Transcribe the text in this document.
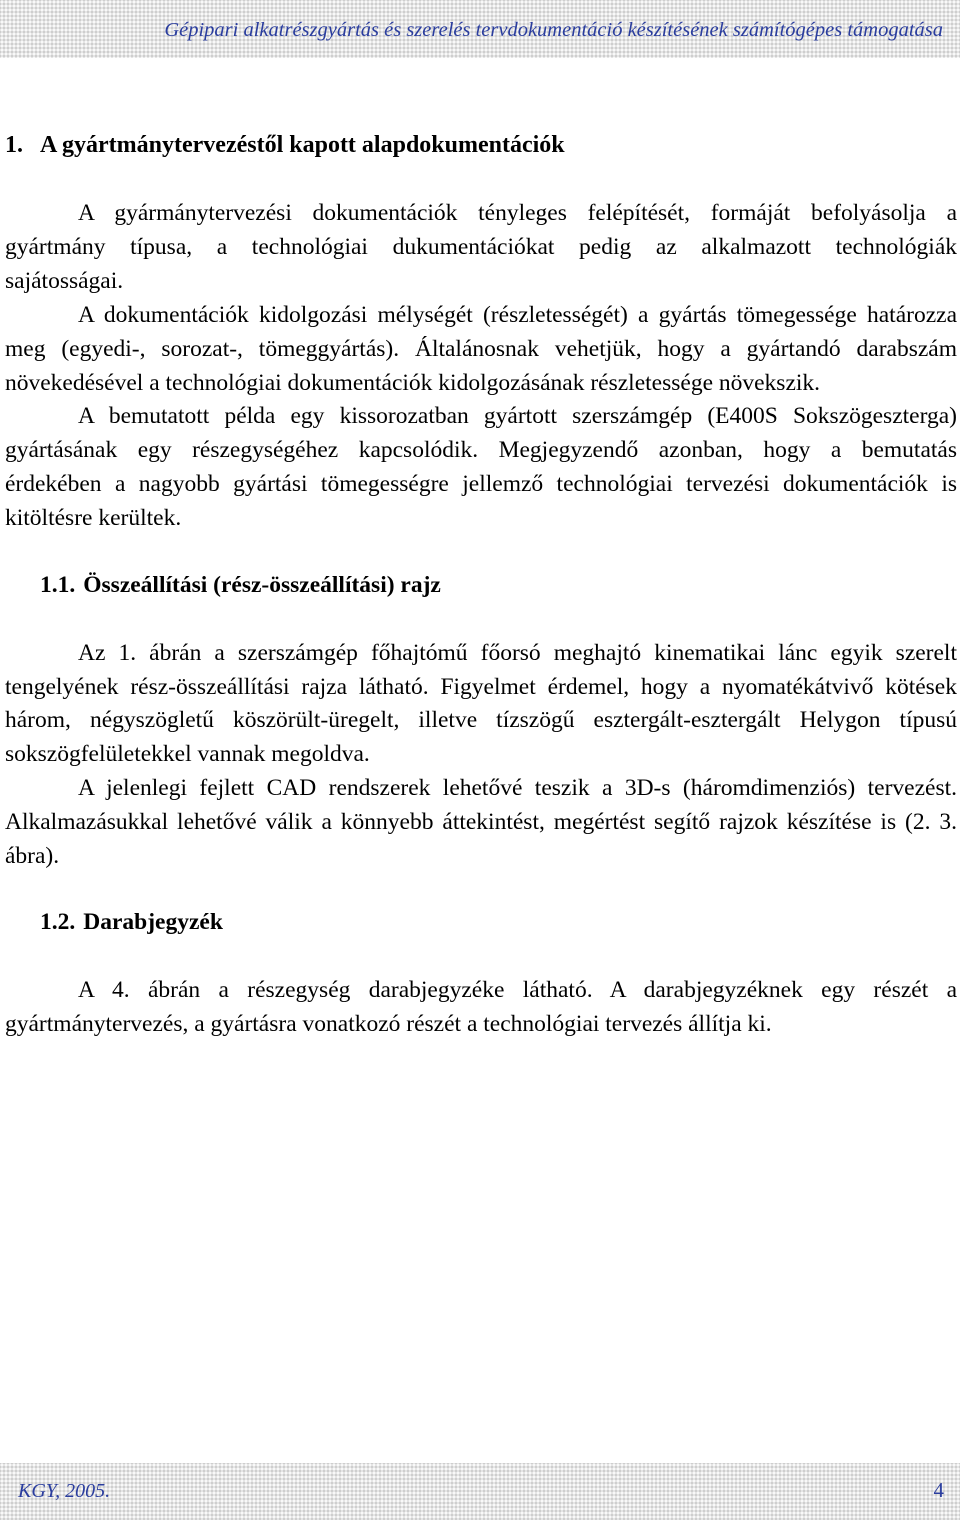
Gépipari alkatrészgyártás és szerelés tervdokumentáció készítésének számítógépes támogatása
1. A gyártmánytervezéstől kapott alapdokumentációk
A gyármánytervezési dokumentációk tényleges felépítését, formáját befolyásolja a
gyártmány típusa, a technológiai dukumentációkat pedig az alkalmazott technológiák
sajátosságai.
A dokumentációk kidolgozási mélységét (részletességét) a gyártás tömegessége határozza
meg (egyedi-, sorozat-, tömeggyártás). Általánosnak vehetjük, hogy a gyártandó darabszám
növekedésével a technológiai dokumentációk kidolgozásának részletessége növekszik.
A bemutatott példa egy kissorozatban gyártott szerszámgép (E400S Sokszögeszterga)
gyártásának egy részegységéhez kapcsolódik. Megjegyzendő azonban, hogy a bemutatás
érdekében a nagyobb gyártási tömegességre jellemző technológiai tervezési dokumentációk is
kitöltésre kerültek.
1.1. Összeállítási (rész-összeállítási) rajz
Az 1. ábrán a szerszámgép főhajtómű főorsó meghajtó kinematikai lánc egyik szerelt
tengelyének rész-összeállítási rajza látható. Figyelmet érdemel, hogy a nyomatékátvivő kötések
három, négyszögletű köszörült-üregelt, illetve tízszögű esztergált-esztergált Helygon típusú
sokszögfelületekkel vannak megoldva.
A jelenlegi fejlett CAD rendszerek lehetővé teszik a 3D-s (háromdimenziós) tervezést.
Alkalmazásukkal lehetővé válik a könnyebb áttekintést, megértést segítő rajzok készítése is (2. 3.
ábra).
1.2. Darabjegyzék
A 4. ábrán a részegység darabjegyzéke látható. A darabjegyzéknek egy részét a
gyártmánytervezés, a gyártásra vonatkozó részét a technológiai tervezés állítja ki.
KGY, 2005.	4
